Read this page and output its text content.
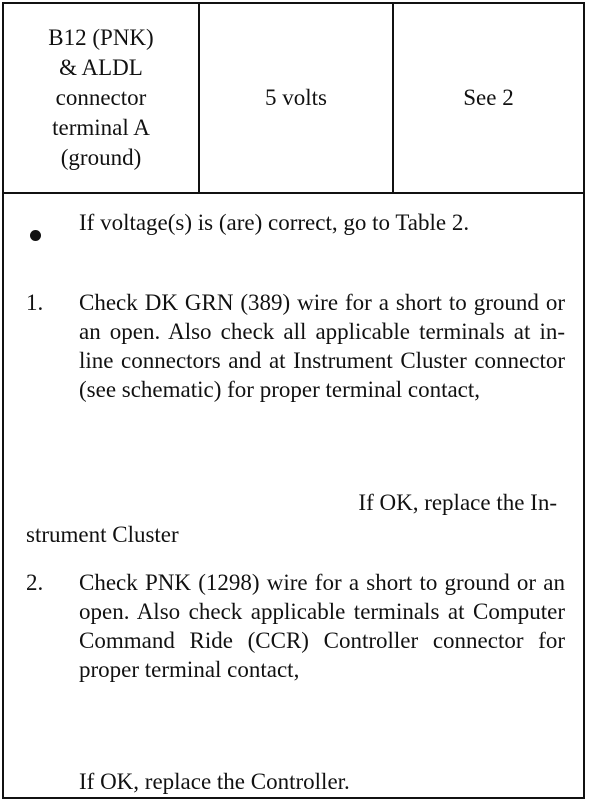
B12 (PNK)
& ALDL
connector
terminal A
(ground)
5 volts	See 2
If voltage(s) is (are) correct, go to Table 2.
1. Check DK GRN (389) wire for a short to ground or an open. Also check all applicable terminals at in-line connectors and at Instrument Cluster connector (see schematic) for proper terminal contact,
If OK, replace the In-
strument Cluster
2. Check PNK (1298) wire for a short to ground or an open. Also check applicable terminals at Computer Command Ride (CCR) Controller connector for proper terminal contact,
If OK, replace the Controller.
